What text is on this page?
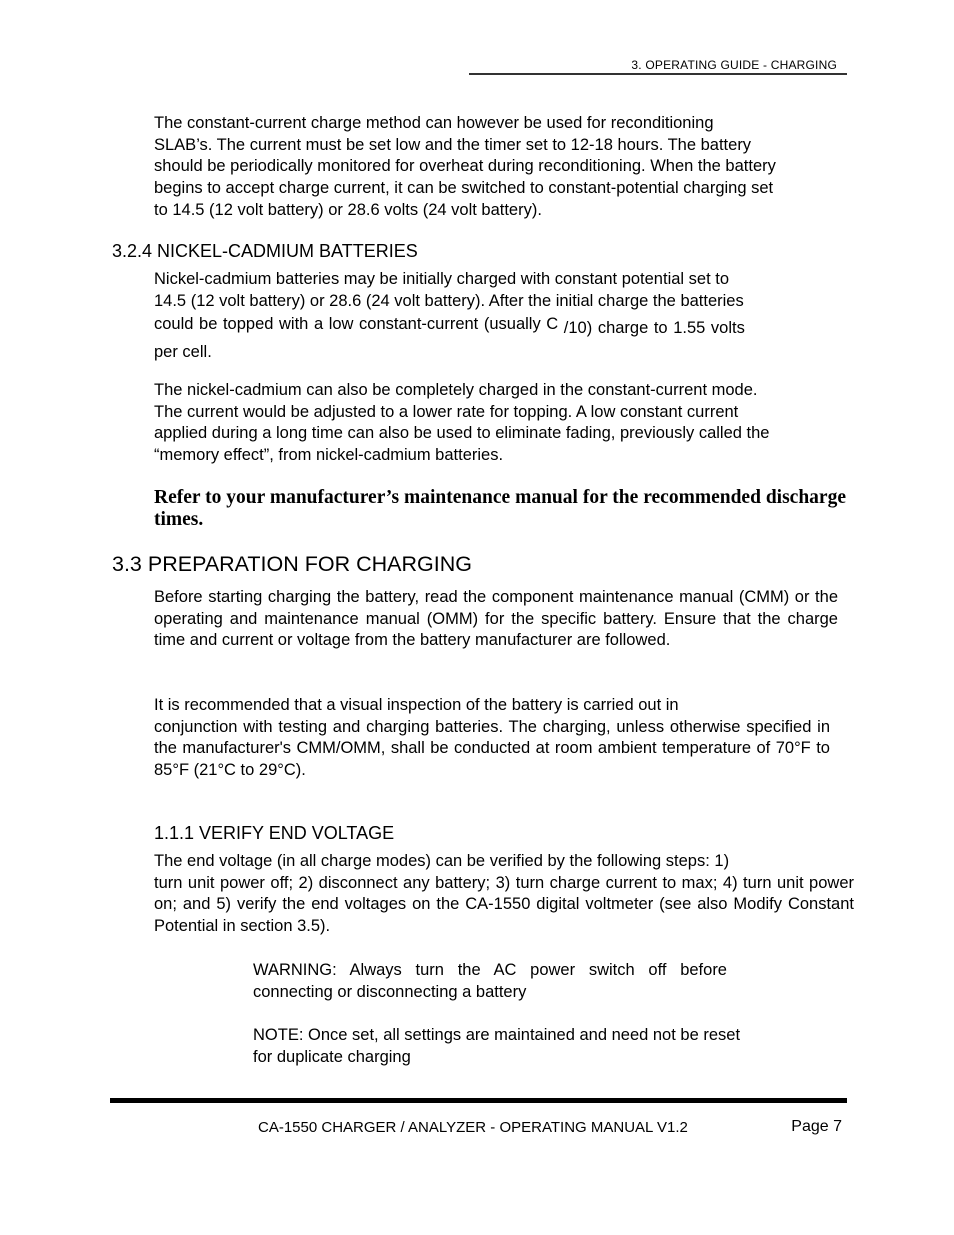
3. OPERATING GUIDE - CHARGING
The constant-current charge method can however be used for reconditioning
SLAB’s. The current must be set low and the timer set to 12-18 hours. The battery
should be periodically monitored for overheat during reconditioning. When the battery
begins to accept charge current, it can be switched to constant-potential charging set
to 14.5 (12 volt battery) or 28.6 volts (24 volt battery).
3.2.4 NICKEL-CADMIUM BATTERIES
Nickel-cadmium batteries may be initially charged with constant potential set to
14.5 (12 volt battery) or 28.6 (24 volt battery). After the initial charge the batteries
could be topped with a low constant-current (usually C /10) charge to 1.55 volts
per cell.
The nickel-cadmium can also be completely charged in the constant-current mode.
The current would be adjusted to a lower rate for topping. A low constant current
applied during a long time can also be used to eliminate fading, previously called the
“memory effect”, from nickel-cadmium batteries.

Refer to your manufacturer’s maintenance manual for the recommended discharge times.

3.3 PREPARATION FOR CHARGING

Before starting charging the battery, read the component maintenance manual (CMM) or the operating and maintenance manual (OMM) for the specific battery. Ensure that the charge time and current or voltage from the battery manufacturer are followed.

It is recommended that a visual inspection of the battery is carried out in
conjunction with testing and charging batteries. The charging, unless otherwise specified in the manufacturer's CMM/OMM, shall be conducted at room ambient temperature of 70°F to 85°F (21°C to 29°C).
1.1.1 VERIFY END VOLTAGE
The end voltage (in all charge modes) can be verified by the following steps: 1)
turn unit power off; 2) disconnect any battery; 3) turn charge current to max; 4) turn unit power on; and 5) verify the end voltages on the CA-1550 digital voltmeter (see also Modify Constant Potential in section 3.5).

WARNING: Always turn the AC power switch off before connecting or disconnecting a battery

NOTE: Once set, all settings are maintained and need not be reset for duplicate charging

CA-1550 CHARGER / ANALYZER - OPERATING MANUAL V1.2	Page 7
